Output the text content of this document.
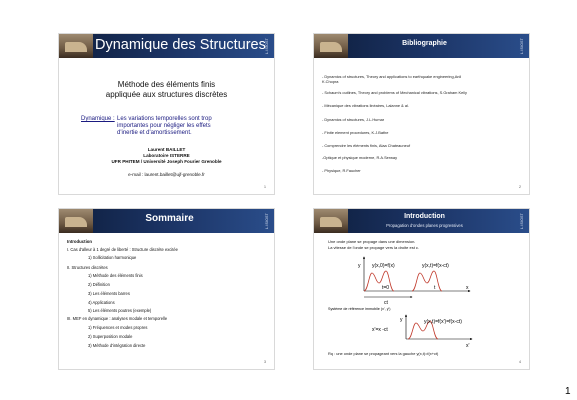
Dynamique des Structures L.ISIOST
Méthode des éléments finis
appliquée aux structures discrètes
Dynamique : Les variations temporelles sont trop
importantes pour négliger les effets
d'inertie et d'amortissement.
Laurent BAILLET
Laboratoire ISTERRE
UFR PHITEM / Université Joseph Fourier Grenoble
e-mail : laurent.baillet@ujf-grenoble.fr
1
Bibliographie	L.ISIOST
- Dynamics of structures, Theory and applications to earthquake engineering,Anil
K.Chopra
- Schaum's outlines, Theory and problems of Mechanical vibrations, S.Graham Kelly
- Mécanique des vibrations linéaires, Lalanne & al.
- Dynamics of structures, J.L.Humar
- Finite element procedures, K.J.Bathe
- Comprendre les éléments finis, Alaa Chateauneuf
-Optique et physique moderne, R.A.Serway
- Physique, R.Faucher
2
Sommaire	L.ISIOST
Introduction
I. Cas d'alleur à 1 degré de liberté : Structure discrète excitée
1) Sollicitation harmonique
II. Structures discrètes
1) Méthode des éléments finis
2) Définition
3) Les éléments barres
4) Applications
5) Les éléments poutres (exemple)
III. MEF en dynamique : analyses modale et temporelle
1) Fréquences et modes propres
2) Superposition modale
3) Méthode d'intégration directe
3
Introduction
Propagation d'ondes planes progressives	L.ISIOST
Une onde plane se propage dans une dimension.
La vitesse de l'onde se propage vers la droite est c.
y y(x,0)=f(x)	y(x,t)=f(x-ct)
t=0	t	x
ct
Système de référence immobile (x', y')
y	y(x,t)=f(x')=f(x-ct)
x'=x -ct
x'
Rq : une onde plane se propageant vers la gauche y(x,t)=f(x+ct)
4
1
